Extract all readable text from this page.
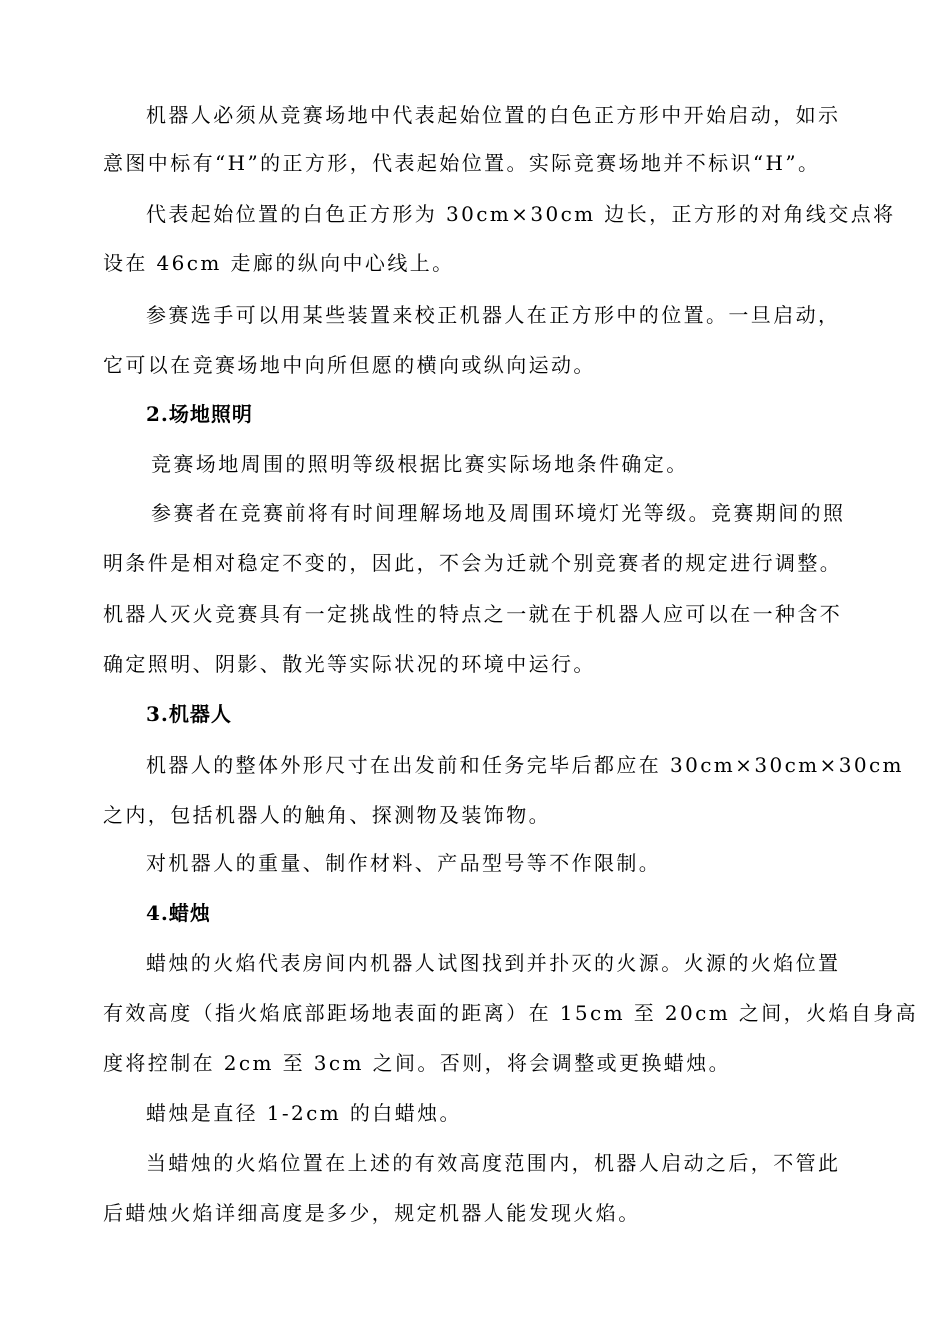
机器人必须从竞赛场地中代表起始位置的白色正方形中开始启动，如示
意图中标有“H”的正方形，代表起始位置。实际竞赛场地并不标识“H”。
代表起始位置的白色正方形为 30cm×30cm 边长，正方形的对角线交点将
设在 46cm 走廊的纵向中心线上。
参赛选手可以用某些装置来校正机器人在正方形中的位置。一旦启动，
它可以在竞赛场地中向所但愿的横向或纵向运动。
2.场地照明
竞赛场地周围的照明等级根据比赛实际场地条件确定。
参赛者在竞赛前将有时间理解场地及周围环境灯光等级。竞赛期间的照
明条件是相对稳定不变的，因此，不会为迁就个别竞赛者的规定进行调整。
机器人灭火竞赛具有一定挑战性的特点之一就在于机器人应可以在一种含不
确定照明、阴影、散光等实际状况的环境中运行。
3.机器人
机器人的整体外形尺寸在出发前和任务完毕后都应在 30cm×30cm×30cm
之内，包括机器人的触角、探测物及装饰物。
对机器人的重量、制作材料、产品型号等不作限制。
4.蜡烛
蜡烛的火焰代表房间内机器人试图找到并扑灭的火源。火源的火焰位置
有效高度（指火焰底部距场地表面的距离）在 15cm 至 20cm 之间，火焰自身高
度将控制在 2cm 至 3cm 之间。否则，将会调整或更换蜡烛。
蜡烛是直径 1-2cm 的白蜡烛。
当蜡烛的火焰位置在上述的有效高度范围内，机器人启动之后，不管此
后蜡烛火焰详细高度是多少，规定机器人能发现火焰。
